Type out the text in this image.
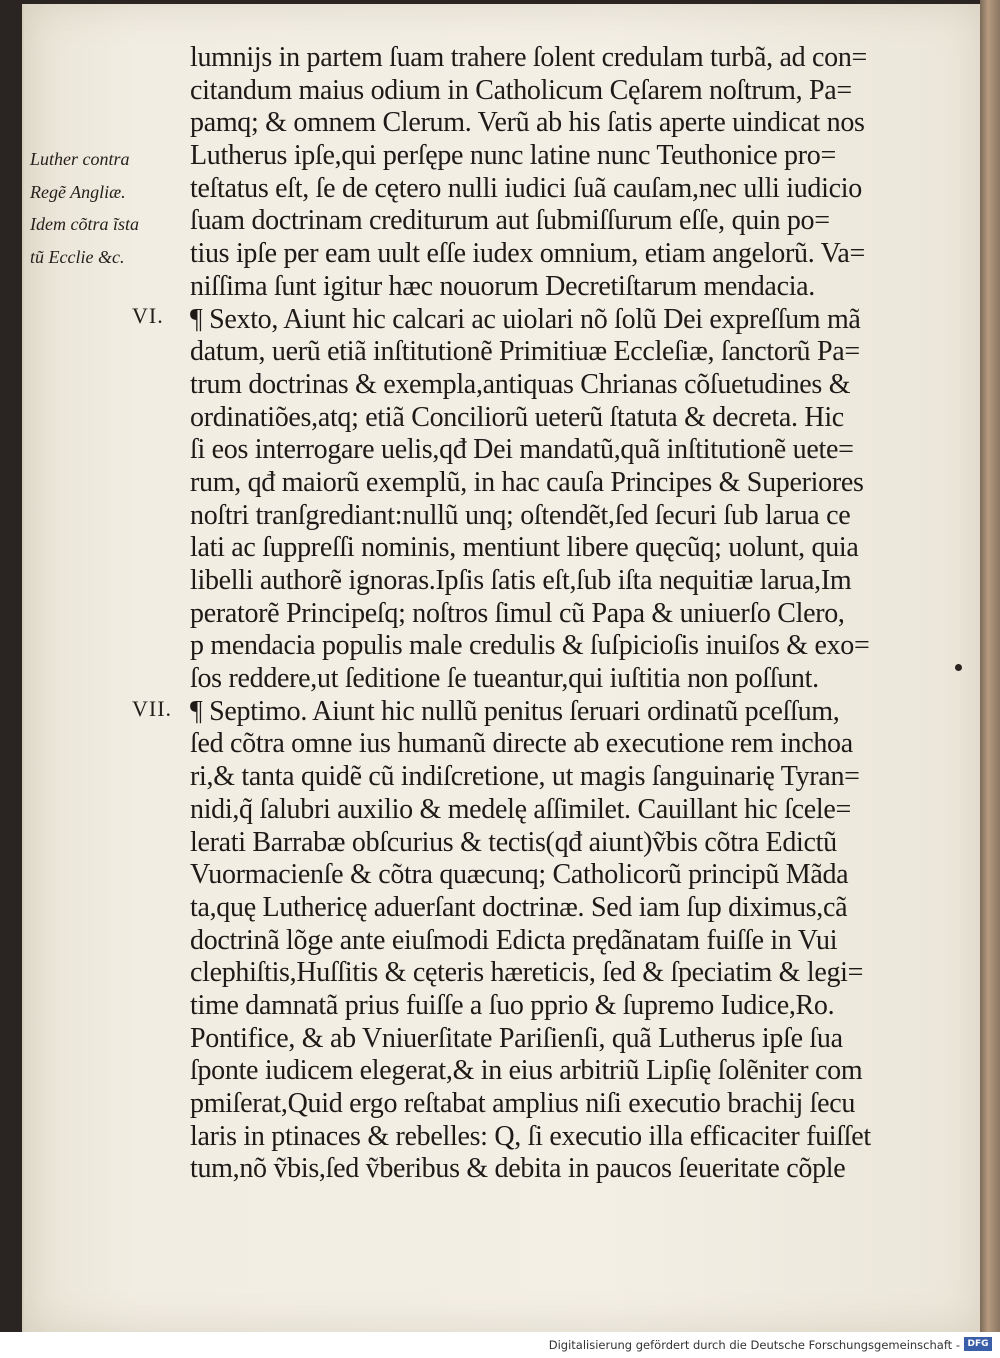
Luther contra
Regẽ Angliæ.
Idem cõtra ĩsta
tũ Ecclie &c.
VI.
VII.
lumnijs in partem ſuam trahere ſolent credulam turbã, ad con=
citandum maius odium in Catholicum Cęſarem noſtrum, Pa=
pamq; & omnem Clerum. Verũ ab his ſatis aperte uindicat nos
Lutherus ipſe,qui perſępe nunc latine nunc Teuthonice pro=
teſtatus eſt, ſe de cętero nulli iudici ſuã cauſam,nec ulli iudicio
ſuam doctrinam crediturum aut ſubmiſſurum eſſe, quin po=
tius ipſe per eam uult eſſe iudex omnium, etiam angelorũ. Va=
niſſima ſunt igitur hæc nouorum Decretiſtarum mendacia.
¶ Sexto, Aiunt hic calcari ac uiolari nõ ſolũ Dei expreſſum mã
datum, uerũ etiã inſtitutionẽ Primitiuæ Eccleſiæ, ſanctorũ Pa=
trum doctrinas & exempla,antiquas Chrianas cõſuetudines &
ordinatiões,atq; etiã Conciliorũ ueterũ ſtatuta & decreta. Hic
ſi eos interrogare uelis,qđ Dei mandatũ,quã inſtitutionẽ uete=
rum, qđ maiorũ exemplũ, in hac cauſa Principes & Superiores
noſtri tranſgrediant:nullũ unq; oſtendẽt,ſed ſecuri ſub larua ce
lati ac ſuppreſſi nominis, mentiunt libere quęcũq; uolunt, quia
libelli authorẽ ignoras.Ipſis ſatis eſt,ſub iſta nequitiæ larua,Im
peratorẽ Principeſq; noſtros ſimul cũ Papa & uniuerſo Clero,
p mendacia populis male credulis & ſuſpicioſis inuiſos & exo=
ſos reddere,ut ſeditione ſe tueantur,qui iuſtitia non poſſunt.
¶ Septimo. Aiunt hic nullũ penitus ſeruari ordinatũ pceſſum,
ſed cõtra omne ius humanũ directe ab executione rem inchoa
ri,& tanta quidẽ cũ indiſcretione, ut magis ſanguinarię Tyran=
nidi,q̃ ſalubri auxilio & medelę aſſimilet. Cauillant hic ſcele=
lerati Barrabæ obſcurius & tectis(qđ aiunt)ṽbis cõtra Edictũ
Vuormacienſe & cõtra quæcunq; Catholicorũ principũ Mãda
ta,quę Luthericę aduerſant doctrinæ. Sed iam ſup diximus,cã
doctrinã lõge ante eiuſmodi Edicta prędãnatam fuiſſe in Vui
clephiſtis,Huſſitis & cęteris hæreticis, ſed & ſpeciatim & legi=
time damnatã prius fuiſſe a ſuo pprio & ſupremo Iudice,Ro.
Pontifice, & ab Vniuerſitate Pariſienſi, quã Lutherus ipſe ſua
ſponte iudicem elegerat,& in eius arbitriũ Lipſię ſolẽniter com
pmiſerat,Quid ergo reſtabat amplius niſi executio brachij ſecu
laris in ptinaces & rebelles: Q, ſi executio illa efficaciter fuiſſet
tum,nõ ṽbis,ſed ṽberibus & debita in paucos ſeueritate cõple
Digitalisierung gefördert durch die Deutsche Forschungsgemeinschaft - DFG
